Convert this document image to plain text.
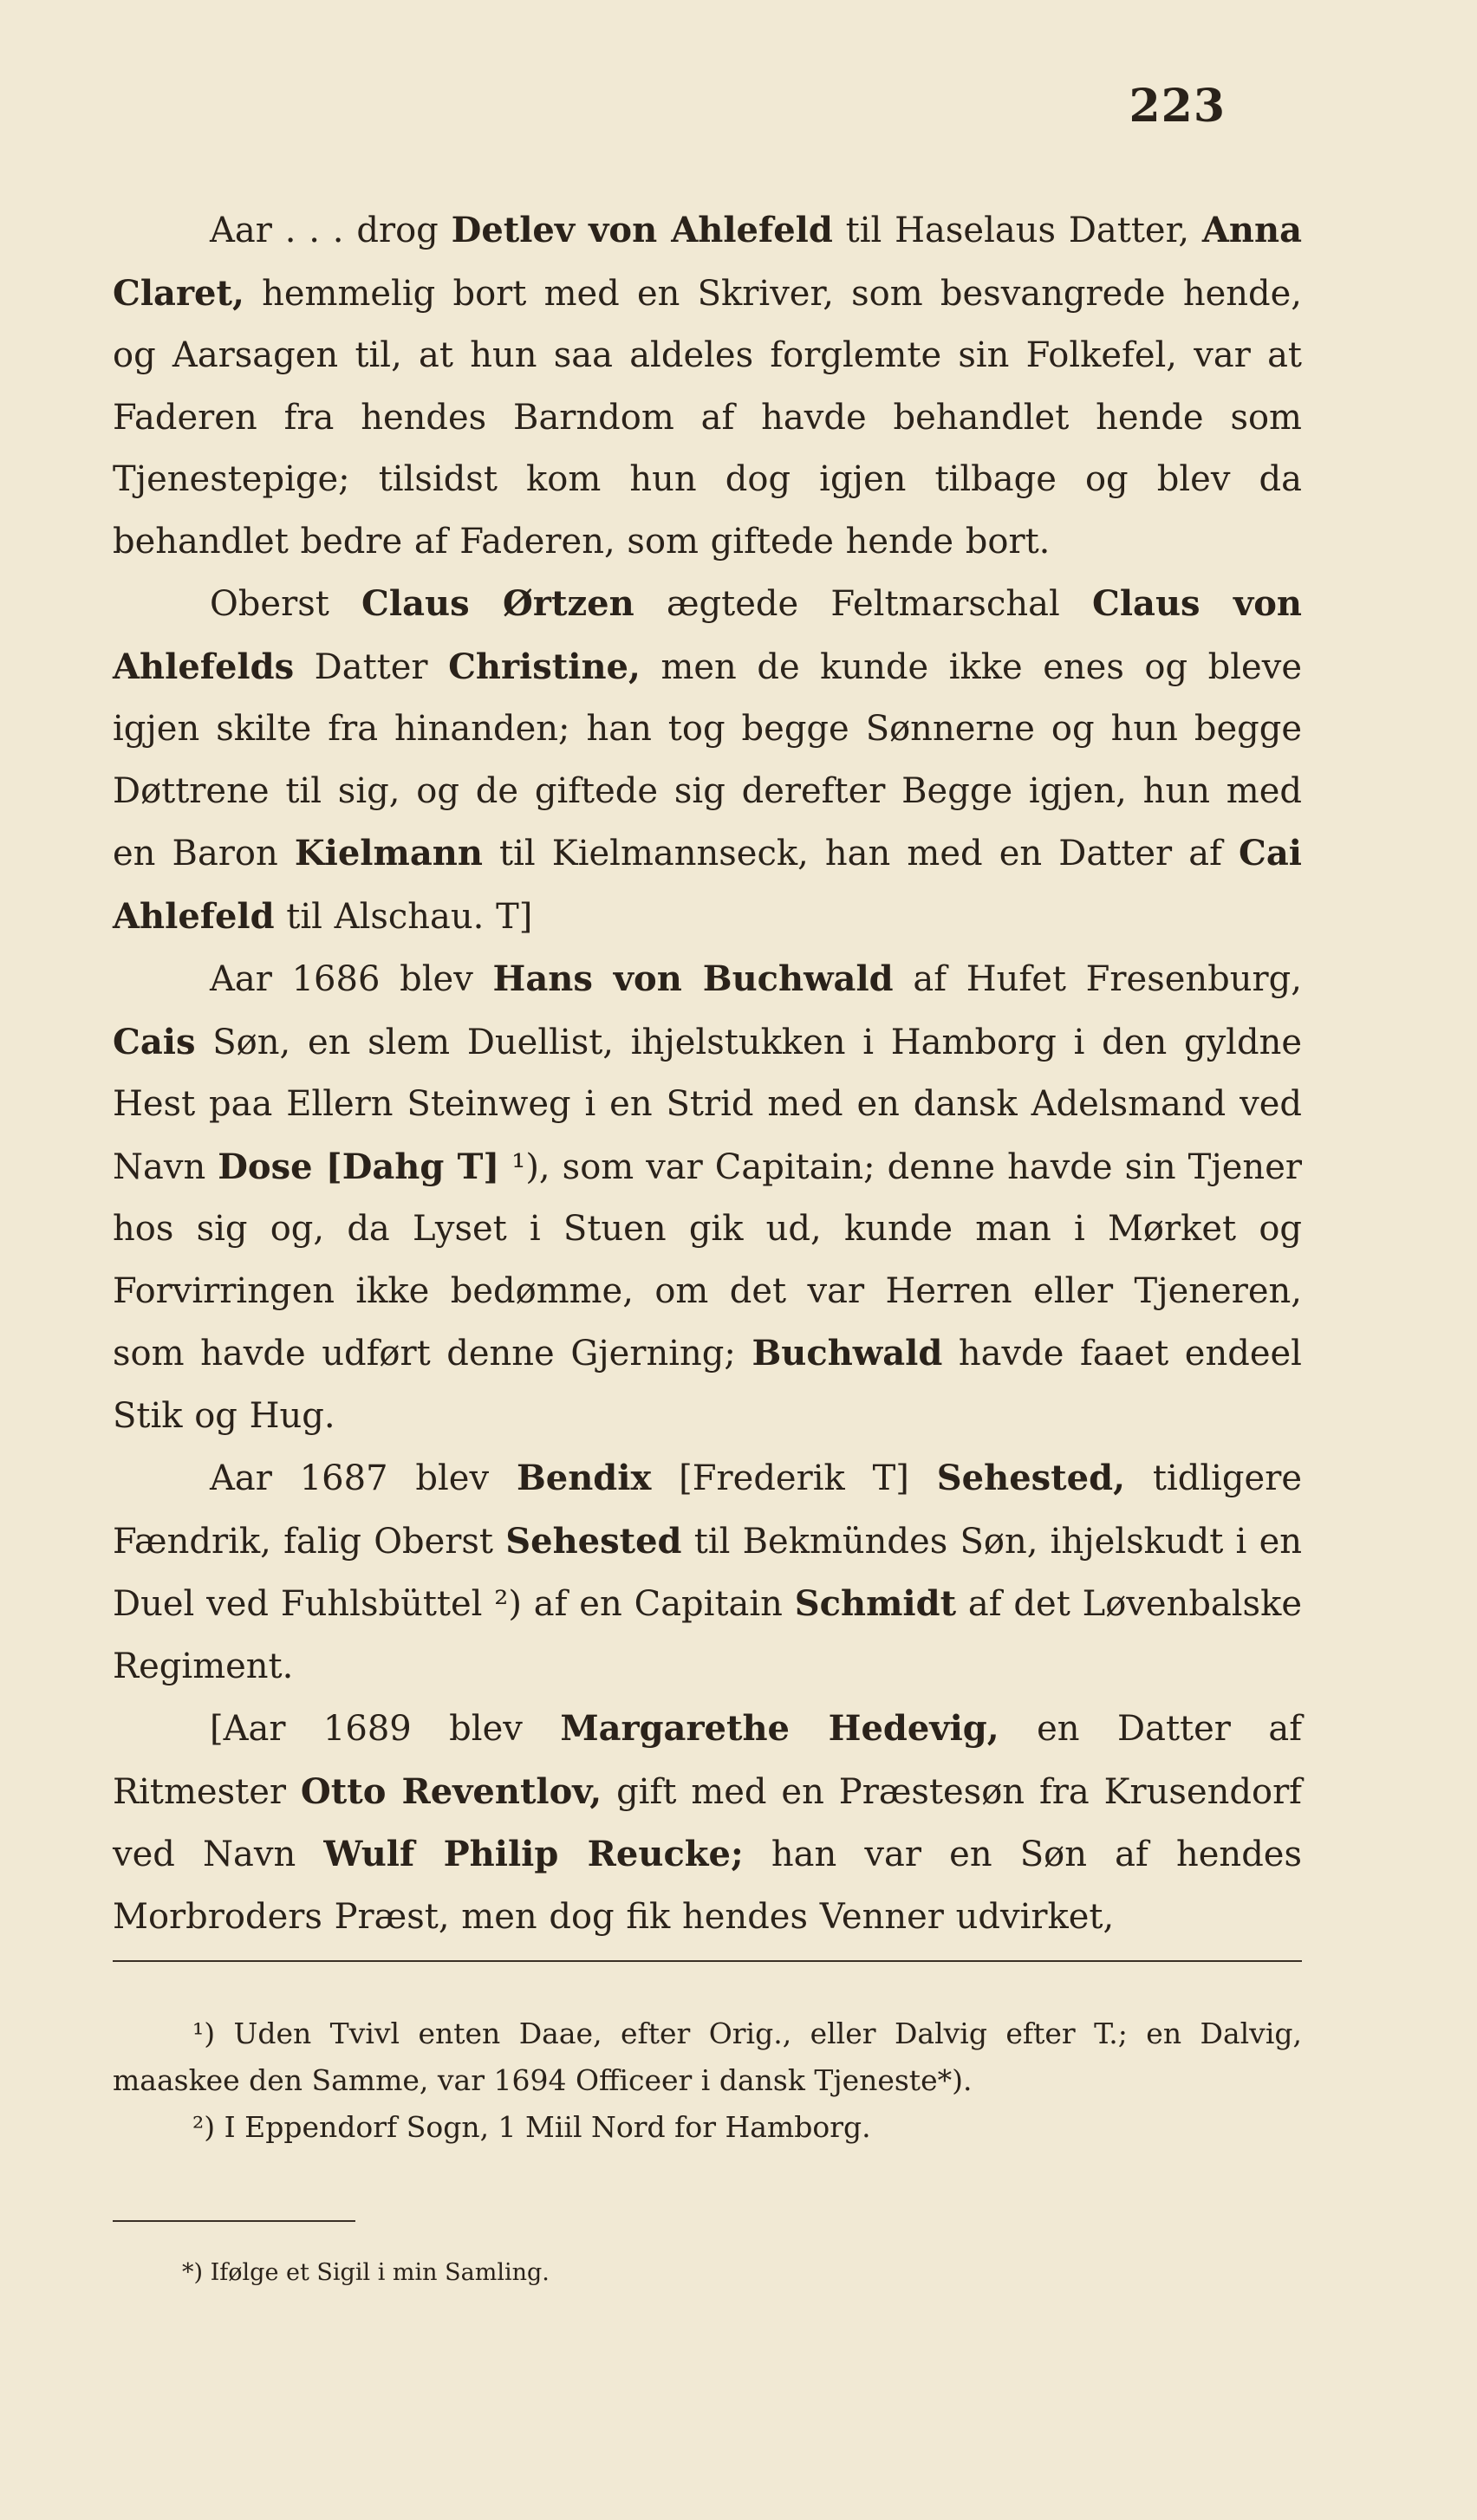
223

Aar . . . drog Detlev von Ahlefeld til Haselaus Datter, Anna Claret, hemmelig bort med en Skriver, som besvangrede hende, og Aarsagen til, at hun saa aldeles forglemte sin Folkefel, var at Faderen fra hendes Barndom af havde behandlet hende som Tjenestepige; tilsidst kom hun dog igjen tilbage og blev da behandlet bedre af Faderen, som giftede hende bort.

Oberst Claus Ørtzen ægtede Feltmarschal Claus von Ahlefelds Datter Christine, men de kunde ikke enes og bleve igjen skilte fra hinanden; han tog begge Sønnerne og hun begge Døttrene til sig, og de giftede sig derefter Begge igjen, hun med en Baron Kielmann til Kielmannseck, han med en Datter af Cai Ahlefeld til Alschau. T]

Aar 1686 blev Hans von Buchwald af Hufet Fresenburg, Cais Søn, en slem Duellist, ihjelstukken i Hamborg i den gyldne Hest paa Ellern Steinweg i en Strid med en dansk Adelsmand ved Navn Dose [Dahg T] ¹), som var Capitain; denne havde sin Tjener hos sig og, da Lyset i Stuen gik ud, kunde man i Mørket og Forvirringen ikke bedømme, om det var Herren eller Tjeneren, som havde udført denne Gjerning; Buchwald havde faaet endeel Stik og Hug.

Aar 1687 blev Bendix [Frederik T] Sehested, tidligere Fændrik, falig Oberst Sehested til Bekmündes Søn, ihjelskudt i en Duel ved Fuhlsbüttel ²) af en Capitain Schmidt af det Løvenbalske Regiment.

[Aar 1689 blev Margarethe Hedevig, en Datter af Ritmester Otto Reventlov, gift med en Præstesøn fra Krusendorf ved Navn Wulf Philip Reucke; han var en Søn af hendes Morbroders Præst, men dog fik hendes Venner udvirket,

¹) Uden Tvivl enten Daae, efter Orig., eller Dalvig efter T.; en Dalvig, maaskee den Samme, var 1694 Officeer i dansk Tjeneste*).

²) I Eppendorf Sogn, 1 Miil Nord for Hamborg.

*) Ifølge et Sigil i min Samling.
